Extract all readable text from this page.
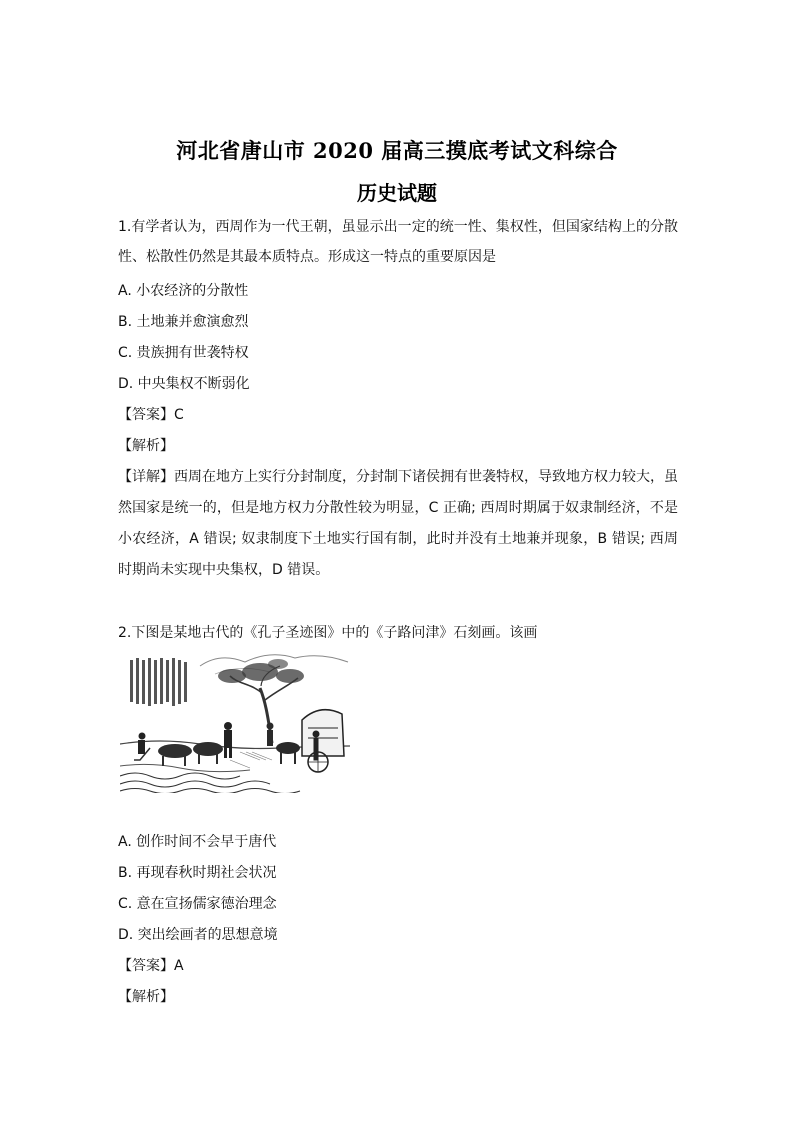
河北省唐山市 2020 届高三摸底考试文科综合
历史试题
1.有学者认为，西周作为一代王朝，虽显示出一定的统一性、集权性，但国家结构上的分散
性、松散性仍然是其最本质特点。形成这一特点的重要原因是
A. 小农经济的分散性
B. 土地兼并愈演愈烈
C. 贵族拥有世袭特权
D. 中央集权不断弱化
【答案】C
【解析】
【详解】西周在地方上实行分封制度，分封制下诸侯拥有世袭特权，导致地方权力较大，虽
然国家是统一的，但是地方权力分散性较为明显，C 正确; 西周时期属于奴隶制经济，不是
小农经济，A 错误; 奴隶制度下土地实行国有制，此时并没有土地兼并现象，B 错误; 西周
时期尚未实现中央集权，D 错误。
2.下图是某地古代的《孔子圣迹图》中的《子路问津》石刻画。该画
A. 创作时间不会早于唐代
B. 再现春秋时期社会状况
C. 意在宣扬儒家德治理念
D. 突出绘画者的思想意境
【答案】A
【解析】
